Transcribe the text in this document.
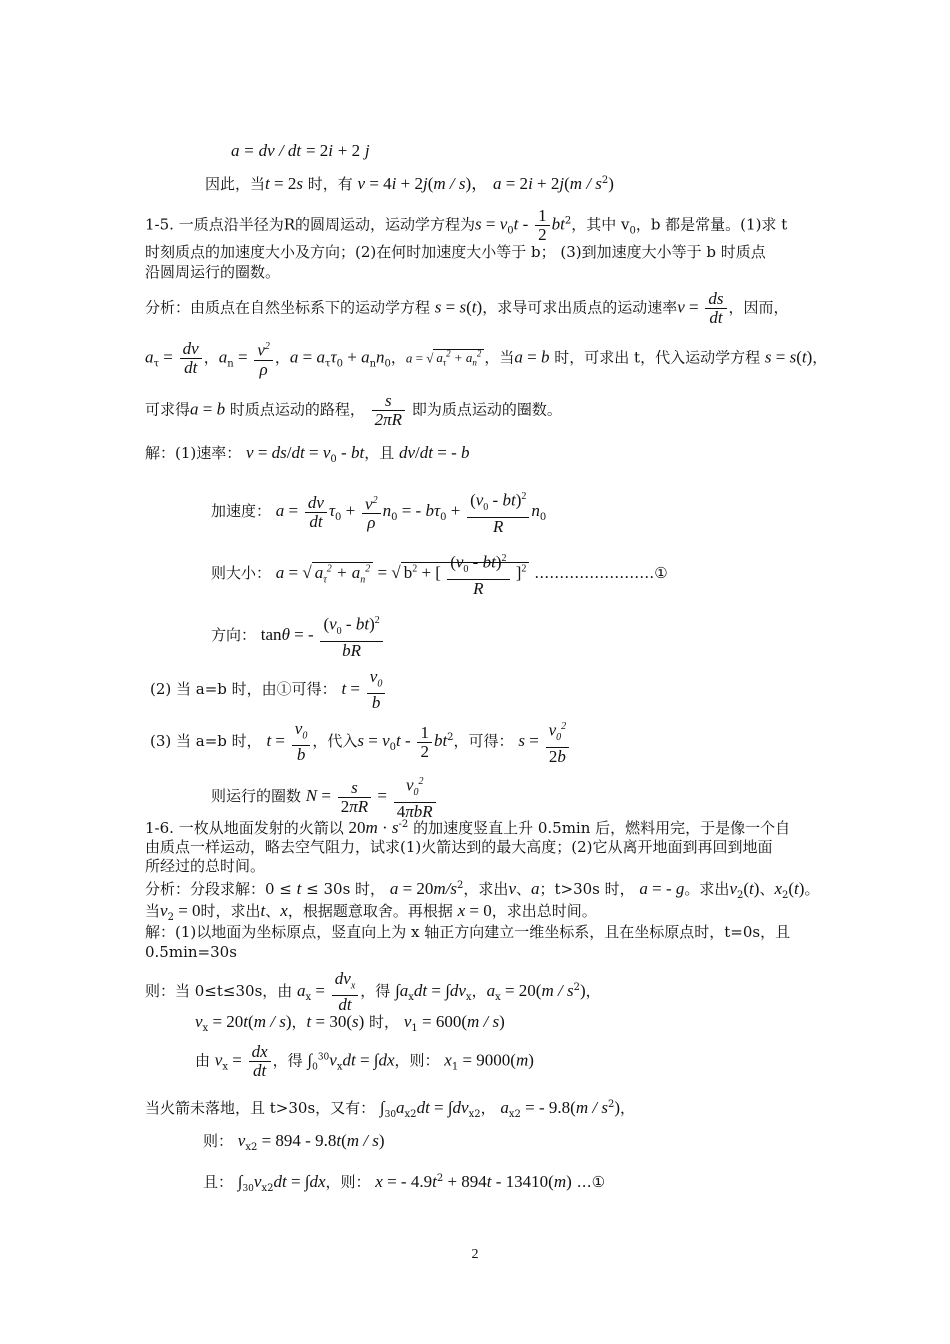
a = dv / dt = 2i + 2 j
因此，当t = 2s 时，有 v = 4i + 2j(m / s)， $a = 2i + 2j(m / s^2)$
1-5. 一质点沿半径为R的圆周运动，运动学方程为$s = v_0t - \frac{1}{2} bt^2$，其中 $v_0$，b 都是常量。(1)求 t
时刻质点的加速度大小及方向；(2)在何时加速度大小等于 b； (3)到加速度大小等于 b 时质点
沿圆周运行的圈数。
分析：由质点在自然坐标系下的运动学方程 s = s(t)，求导可求出质点的运动速率$v = \frac{ds}{dt}$ ，因而，
$a_\tau = \frac{dv}{dt}$ ，$a_n = \frac{v^2}{\rho}$ ，$a = a_\tau\tau_0 + a_nn_0$，a = √ $a_\tau^2 + a_n^2$ ，当a = b 时，可求出 t，代入运动学方程 s = s(t)，
可求得a = b 时质点运动的路程， $\frac{s}{2\pi R}$ 即为质点运动的圈数。
解：(1)速率： $v = ds/dt = v_0$ - bt，且 dv/dt = - b
加速度： $a = \frac{dv}{dt} \tau_0 + \frac{v^2}{\rho} n_0$ = - $b\tau_0 + \frac{(v_0 - bt)^2}{R} n_0$
则大小： a = √ $a_\tau^2 + a_n^2$ = √ $b^2$ + [ $\frac{(v_0 - bt)^2}{R} ]^2$ ……………………①
方向： tanθ = - $\frac{(v_0 - bt)^2}{bR}$
(2) 当 a=b 时，由①可得： $t = \frac{v_0}{b}$
(3) 当 a=b 时， $t = \frac{v_0}{b}$ ，代入$s = v_0t - \frac{1}{2} bt^2$，可得： $s = \frac{v_0^2}{2b}$
则运行的圈数 $N = \frac{s}{2\pi R} = \frac{v_0^2}{\text{4πbR}}$
1-6. 一枚从地面发射的火箭以 $20m \cdot s^{-2}$ 的加速度竖直上升 0.5min 后，燃料用完，于是像一个自
由质点一样运动，略去空气阻力，试求(1)火箭达到的最大高度；(2)它从离开地面到再回到地面
所经过的总时间。
分析：分段求解：0 ≤ t ≤ 30s 时， $a = 20m/s^2$，求出v、a；t>30s 时， a = - g。求出$v_2(t)$、$x_2(t)$。
当$v_2 = 0$时，求出t、x，根据题意取舍。再根据 x = 0，求出总时间。
解：(1)以地面为坐标原点，竖直向上为 x 轴正方向建立一维坐标系，且在坐标原点时，t=0s，且
0.5min=30s
则：当 0≤t≤30s，由 $a_x = \frac{dv_x}{dt}$ ，得 $\int a_xdt = \int dv_x$，$a_x = 20(m / s^2)$，
$v_x = 20t(m / s)$，t = 30(s) 时， $v_1 = 600(m / s)$
由 $v_x = \frac{dx}{dt}$ ，得 $\int_0^{30}v_xdt = \int dx$，则： $x_1 = 9000(m)$
当火箭未落地，且 t>30s，又有： $\int_{30}a_{x2}dt = \int dv_{x2}$， $a_{x2}$ = - $9.8(m / s^2)$，
则： $v_{x2} = 894 - 9.8t(m / s)$
且： $\int_{30}v_{x2}dt = \int dx$，则： x = - $4.9t^2 + 894t - 13410(m)$ …①
2
